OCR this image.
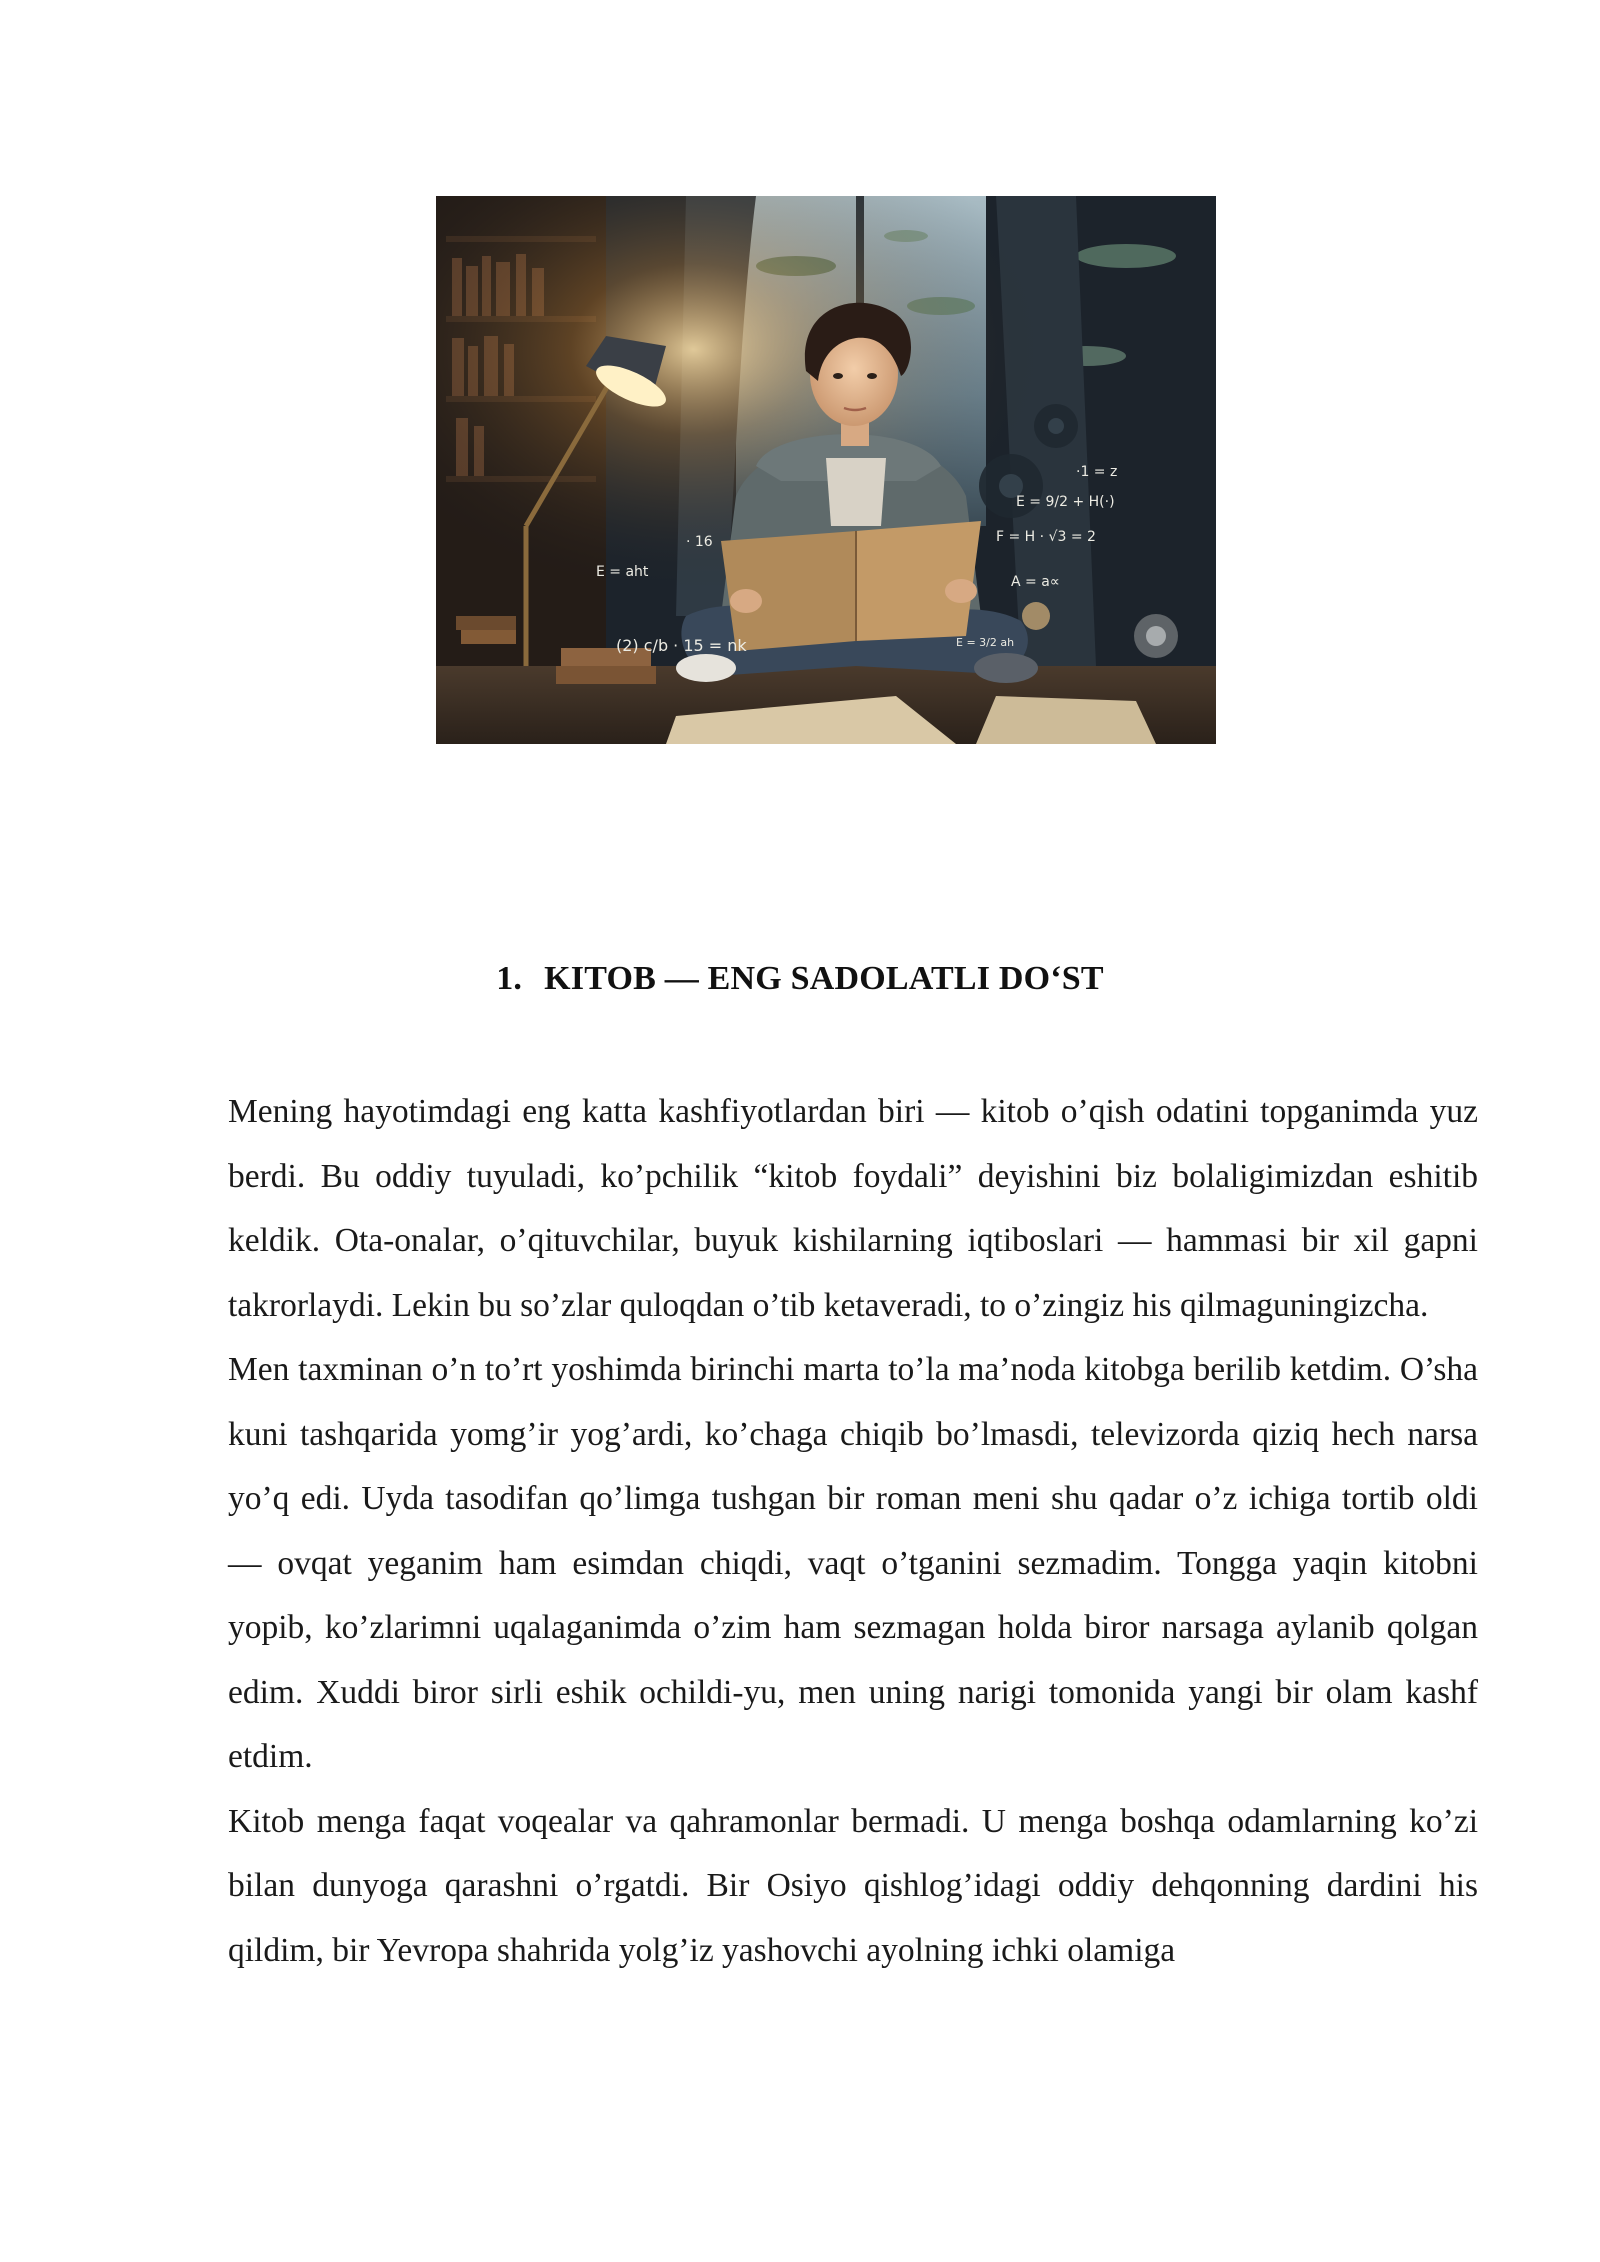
E = 9/2 + H(·)
F = H · √3 = 2
A = a∝
(2) c/b · 15 = nk
E = aht
·1 = z
E = 3/2 ah
· 16
1. KITOB — ENG SADOLATLI DO‘ST

Mening hayotimdagi eng katta kashfiyotlardan biri — kitob o’qish odatini topganimda yuz berdi. Bu oddiy tuyuladi, ko’pchilik “kitob foydali” deyishini biz bolaligimizdan eshitib keldik. Ota-onalar, o’qituvchilar, buyuk kishilarning iqtiboslari — hammasi bir xil gapni takrorlaydi. Lekin bu so’zlar quloqdan o’tib ketaveradi, to o’zingiz his qilmaguningizcha.

Men taxminan o’n to’rt yoshimda birinchi marta to’la ma’noda kitobga berilib ketdim. O’sha kuni tashqarida yomg’ir yog’ardi, ko’chaga chiqib bo’lmasdi, televizorda qiziq hech narsa yo’q edi. Uyda tasodifan qo’limga tushgan bir roman meni shu qadar o’z ichiga tortib oldi — ovqat yeganim ham esimdan chiqdi, vaqt o’tganini sezmadim. Tongga yaqin kitobni yopib, ko’zlarimni uqalaganimda o’zim ham sezmagan holda biror narsaga aylanib qolgan edim. Xuddi biror sirli eshik ochildi-yu, men uning narigi tomonida yangi bir olam kashf etdim.

Kitob menga faqat voqealar va qahramonlar bermadi. U menga boshqa odamlarning ko’zi bilan dunyoga qarashni o’rgatdi. Bir Osiyo qishlog’idagi oddiy dehqonning dardini his qildim, bir Yevropa shahrida yolg’iz yashovchi ayolning ichki olamiga
